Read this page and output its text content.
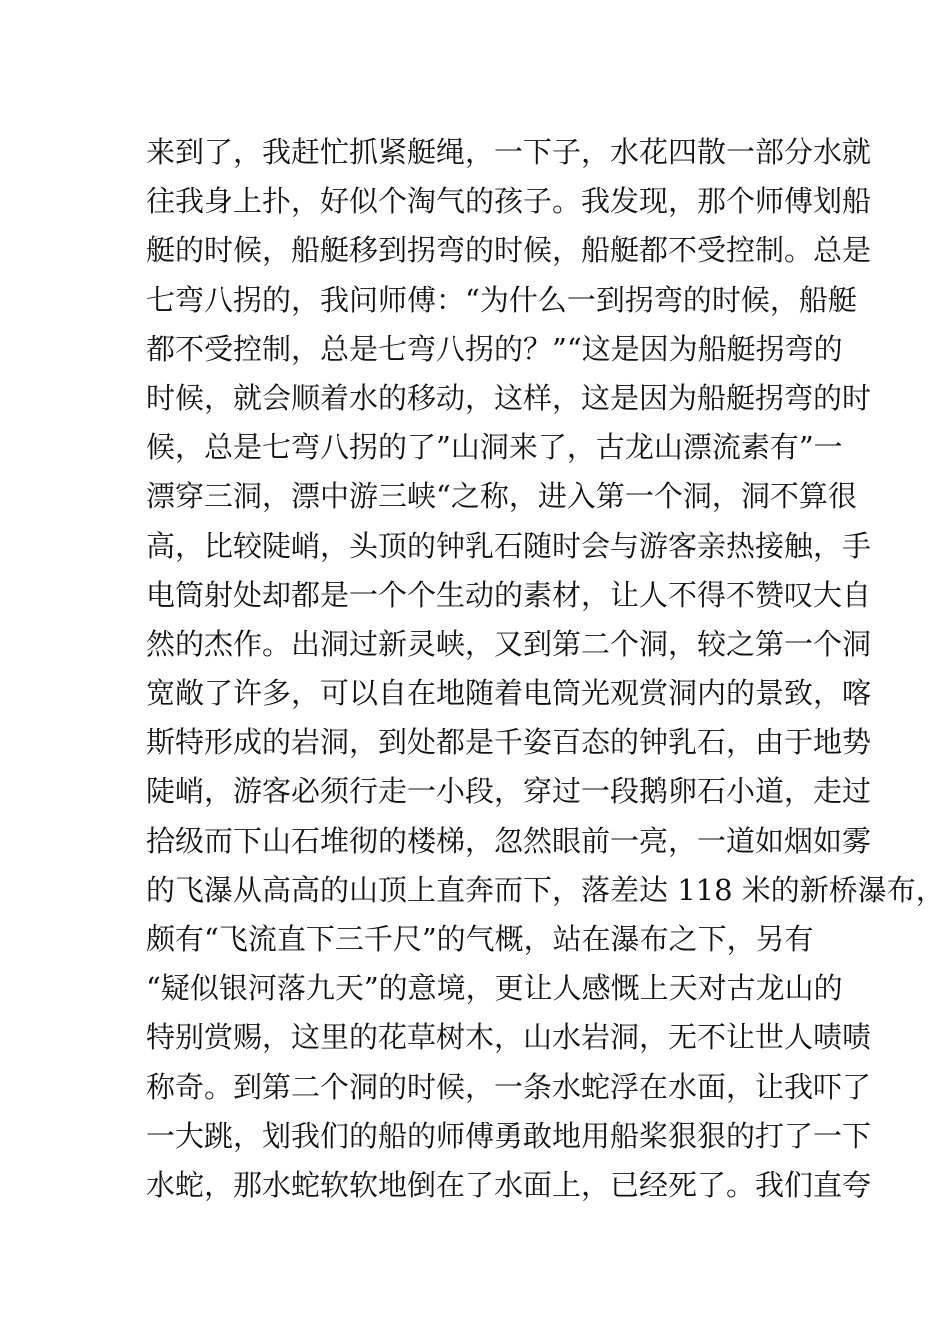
来到了，我赶忙抓紧艇绳，一下子，水花四散一部分水就
往我身上扑，好似个淘气的孩子。我发现，那个师傅划船
艇的时候，船艇移到拐弯的时候，船艇都不受控制。总是
七弯八拐的，我问师傅：“为什么一到拐弯的时候，船艇
都不受控制，总是七弯八拐的？”“这是因为船艇拐弯的
时候，就会顺着水的移动，这样，这是因为船艇拐弯的时
候，总是七弯八拐的了”山洞来了，古龙山漂流素有”一
漂穿三洞，漂中游三峡“之称，进入第一个洞，洞不算很
高，比较陡峭，头顶的钟乳石随时会与游客亲热接触，手
电筒射处却都是一个个生动的素材，让人不得不赞叹大自
然的杰作。出洞过新灵峡，又到第二个洞，较之第一个洞
宽敞了许多，可以自在地随着电筒光观赏洞内的景致，喀
斯特形成的岩洞，到处都是千姿百态的钟乳石，由于地势
陡峭，游客必须行走一小段，穿过一段鹅卵石小道，走过
拾级而下山石堆彻的楼梯，忽然眼前一亮，一道如烟如雾
的飞瀑从高高的山顶上直奔而下，落差达 118 米的新桥瀑布，
颇有“飞流直下三千尺”的气概，站在瀑布之下，另有
“疑似银河落九天”的意境，更让人感慨上天对古龙山的
特别赏赐，这里的花草树木，山水岩洞，无不让世人啧啧
称奇。到第二个洞的时候，一条水蛇浮在水面，让我吓了
一大跳，划我们的船的师傅勇敢地用船桨狠狠的打了一下
水蛇，那水蛇软软地倒在了水面上，已经死了。我们直夸
